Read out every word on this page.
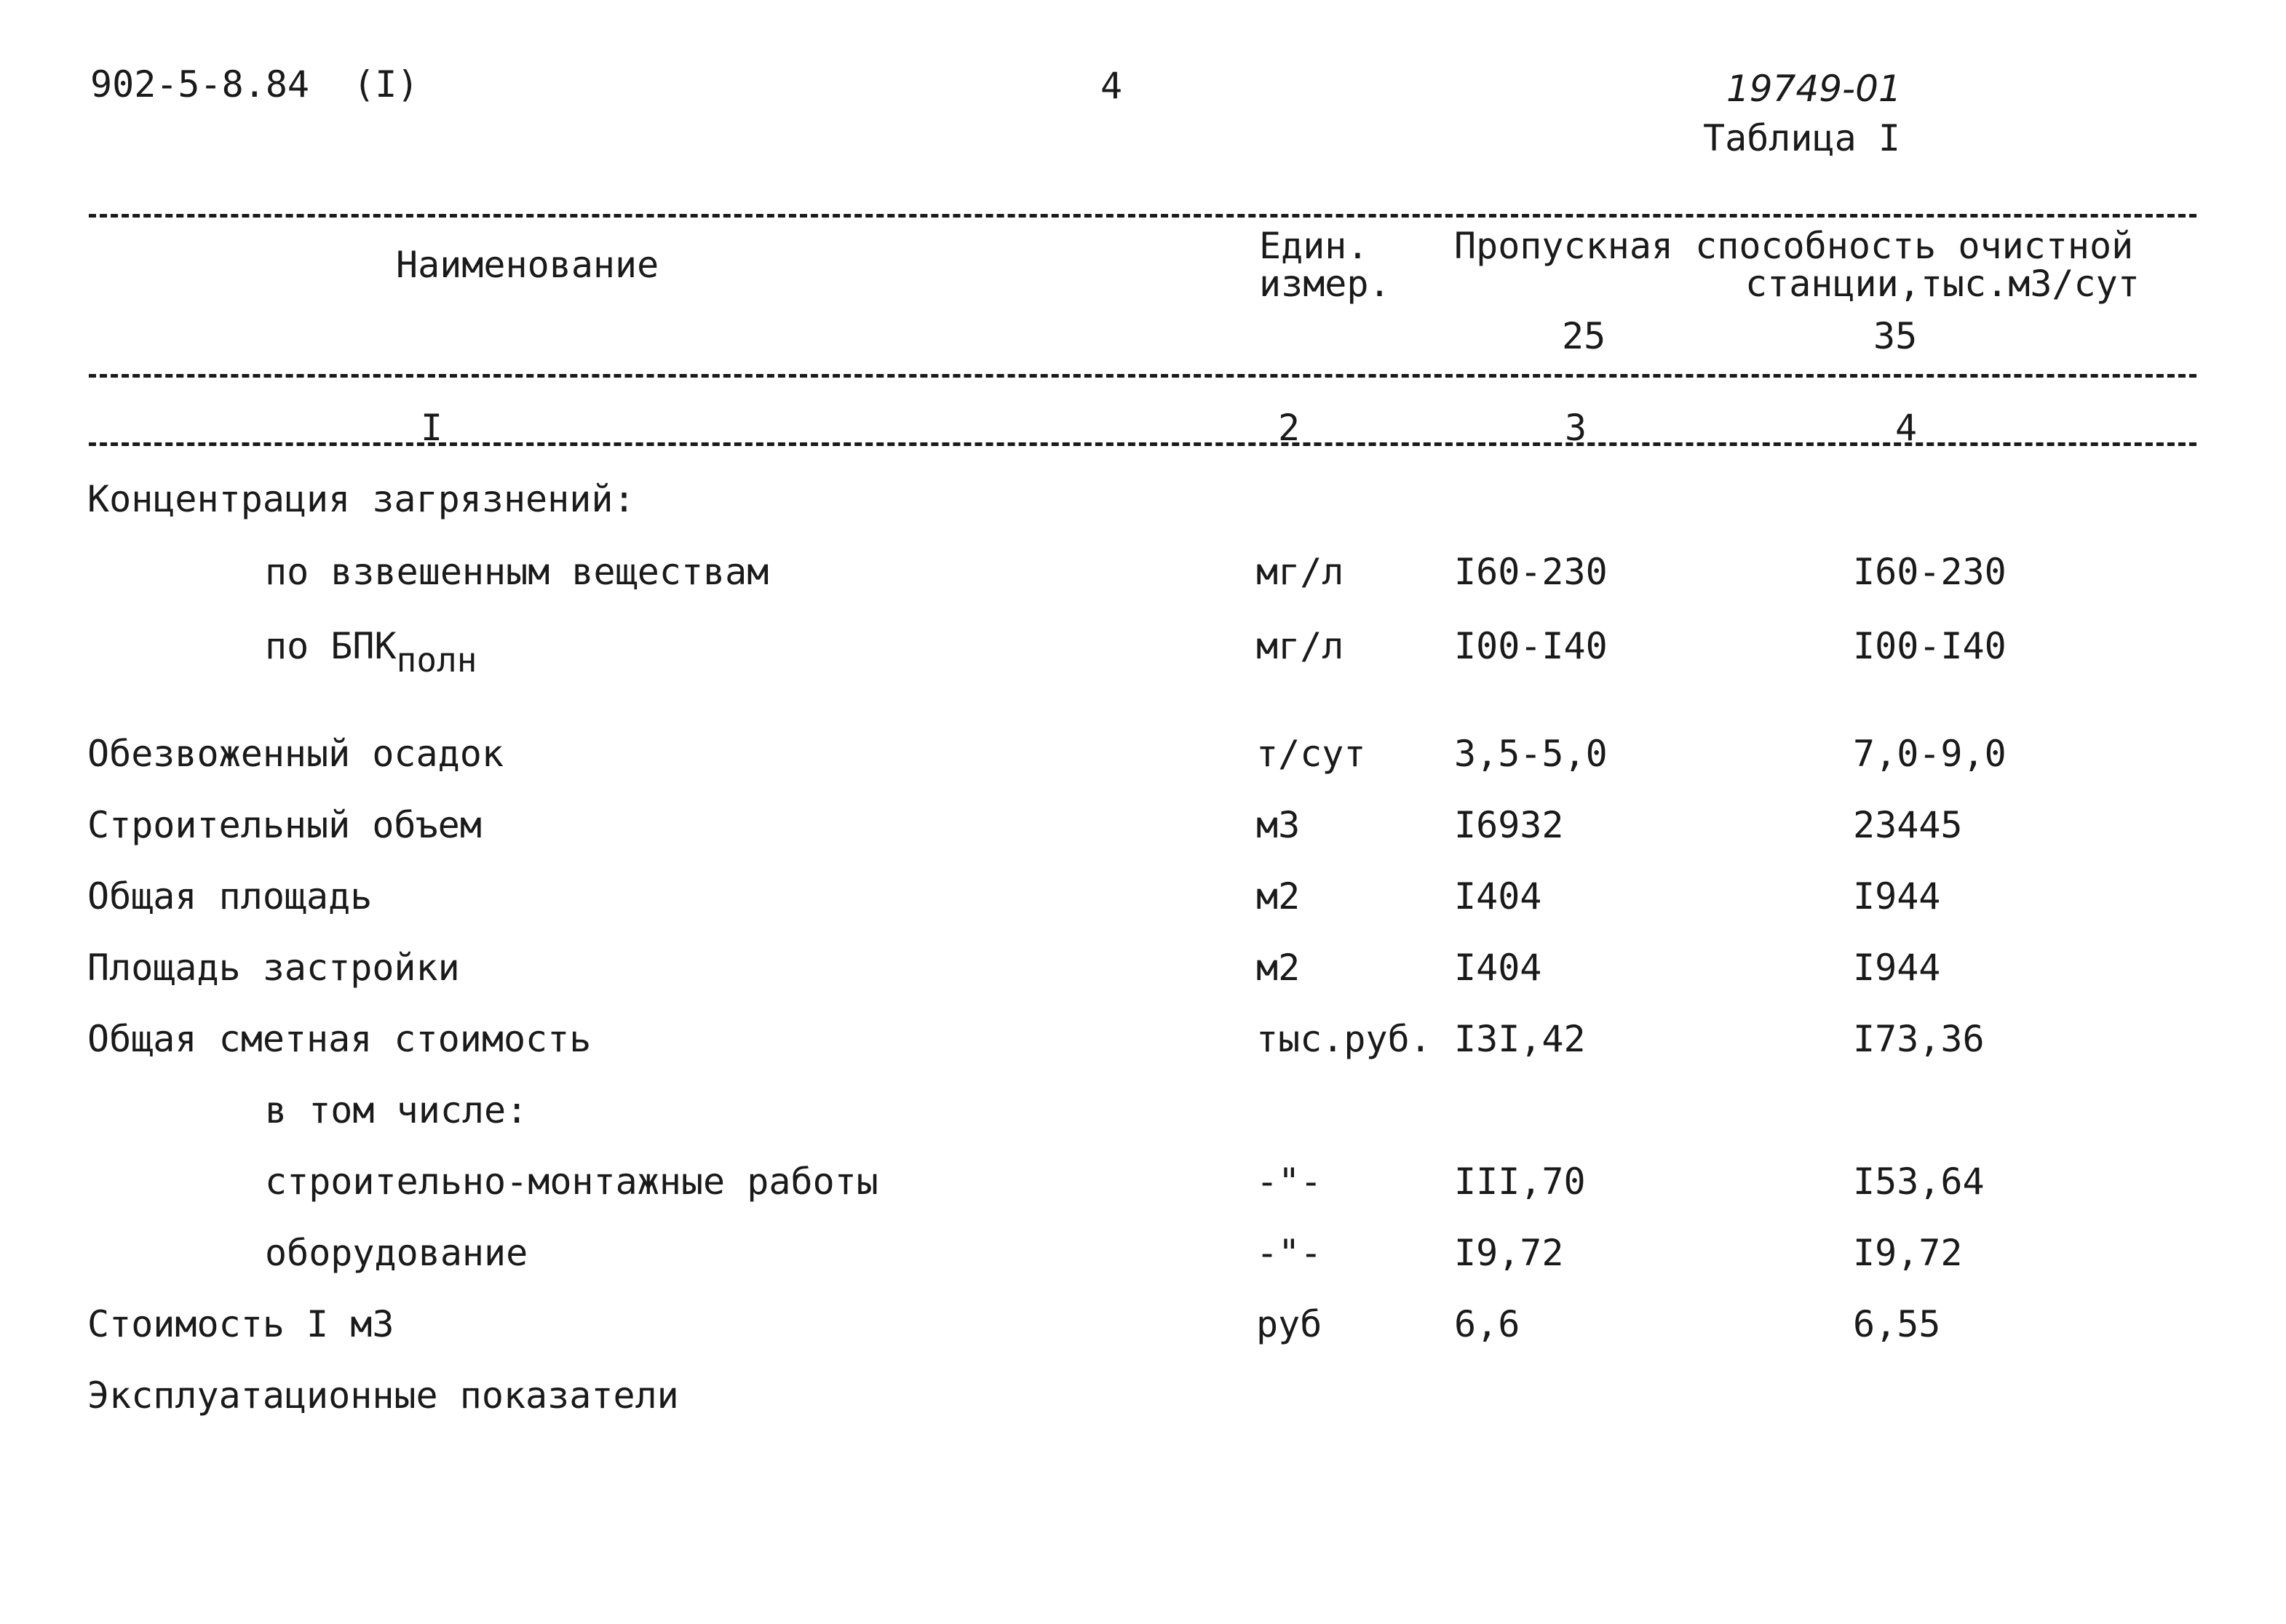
902-5-8.84 (I)	4	19749-01
Таблица I
Наименование	Един.
измер.
Пропускная способность очистной
станции,тыс.м3/сут
25	35
I	2	3	4
Концентрация загрязнений:
по взвешенным веществам	мг/л	I60-230	I60-230
по $БПК_{полн}$	мг/л	I00-I40	I00-I40
Обезвоженный осадок	т/сут 3,5-5,0	7,0-9,0
Строительный объем	м3	I6932	23445
Общая площадь	м2	I404	I944
Площадь застройки	м2	I404	I944
Общая сметная стоимость	тыс.руб. I3I,42	I73,36
в том числе:
строительно-монтажные работы	-"-	III,70	I53,64
оборудование	-"-	I9,72	I9,72
Стоимость I м3	руб	6,6	6,55
Эксплуатационные показатели
